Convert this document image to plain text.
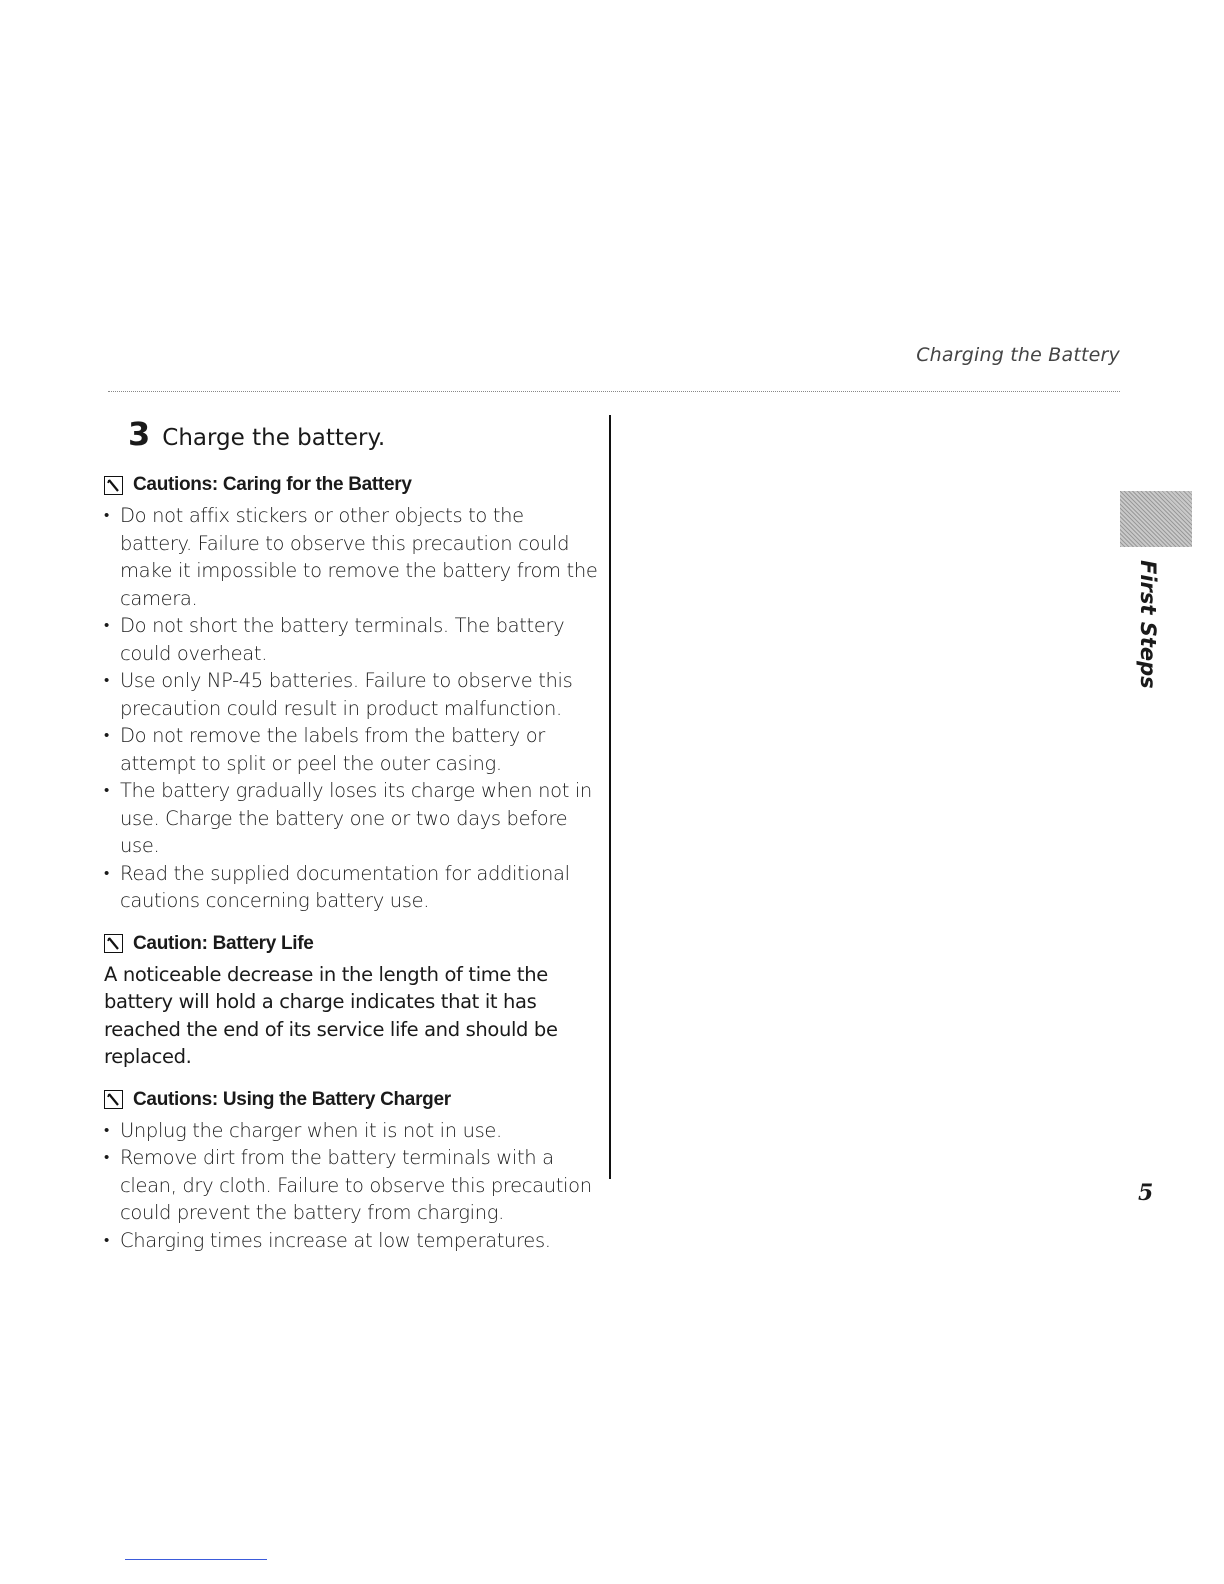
Charging the Battery
3 Charge the battery.
Cautions: Caring for the Battery
• Do not affix stickers or other objects to the battery. Failure to observe this precaution could make it impossible to remove the battery from the camera.
• Do not short the battery terminals. The battery could overheat.
• Use only NP-45 batteries. Failure to observe this precaution could result in product malfunction.
• Do not remove the labels from the battery or attempt to split or peel the outer casing.
• The battery gradually loses its charge when not in use. Charge the battery one or two days before use.
• Read the supplied documentation for additional cautions concerning battery use.
Caution: Battery Life
A noticeable decrease in the length of time the battery will hold a charge indicates that it has reached the end of its service life and should be replaced.
Cautions: Using the Battery Charger
• Unplug the charger when it is not in use.
• Remove dirt from the battery terminals with a clean, dry cloth. Failure to observe this precaution could prevent the battery from charging.
• Charging times increase at low temperatures.
First Steps
5
